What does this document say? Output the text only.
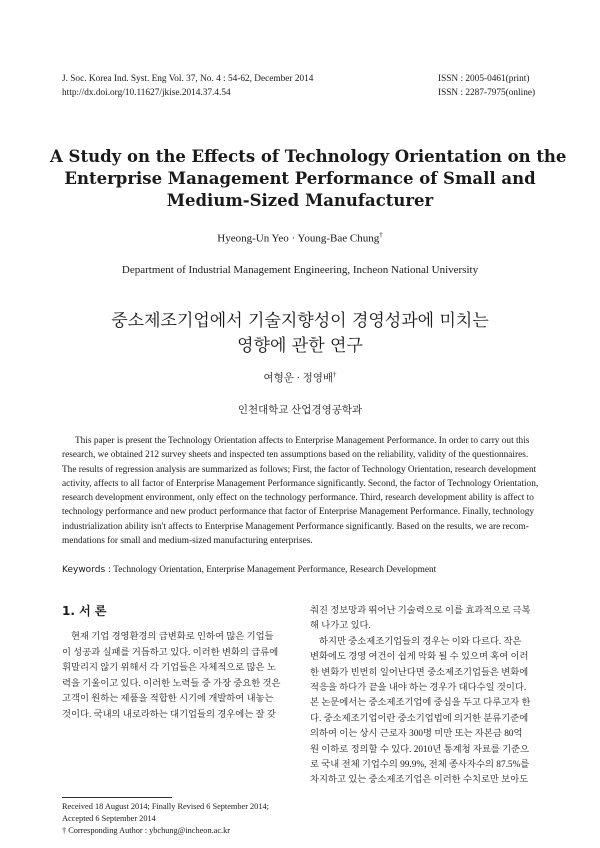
J. Soc. Korea Ind. Syst. Eng Vol. 37, No. 4 : 54-62, December 2014
http://dx.doi.org/10.11627/jkise.2014.37.4.54
ISSN : 2005-0461(print)
ISSN : 2287-7975(online)
A Study on the Effects of Technology Orientation on the
Enterprise Management Performance of Small and
Medium-Sized Manufacturer
Hyeong-Un Yeo · Young-Bae Chung†
Department of Industrial Management Engineering, Incheon National University
중소제조기업에서 기술지향성이 경영성과에 미치는
영향에 관한 연구
여형운 · 정영배†
인천대학교 산업경영공학과
This paper is present the Technology Orientation affects to Enterprise Management Performance. In order to carry out this
research, we obtained 212 survey sheets and inspected ten assumptions based on the reliability, validity of the questionnaires.
The results of regression analysis are summarized as follows; First, the factor of Technology Orientation, research development
activity, affects to all factor of Enterprise Management Performance significantly. Second, the factor of Technology Orientation,
research development environment, only effect on the technology performance. Third, research development ability is affect to
technology performance and new product performance that factor of Enterprise Management Performance. Finally, technology
industrialization ability isn't affects to Enterprise Management Performance significantly. Based on the results, we are recom-
mendations for small and medium-sized manufacturing enterprises.
Keywords : Technology Orientation, Enterprise Management Performance, Research Development
1. 서 론
현재 기업 경영환경의 급변화로 인하여 많은 기업들
이 성공과 실패를 거듭하고 있다. 이러한 변화의 급류에
휘말리지 않기 위해서 각 기업들은 자체적으로 많은 노
력을 기울이고 있다. 이러한 노력들 중 가장 중요한 것은
고객이 원하는 제품을 적합한 시기에 개발하여 내놓는
것이다. 국내의 내로라하는 대기업들의 경우에는 잘 갖
춰진 정보망과 뛰어난 기술력으로 이를 효과적으로 극복
해 나가고 있다.
하지만 중소제조기업들의 경우는 이와 다르다. 작은
변화에도 경영 여건이 쉽게 악화 될 수 있으며 혹여 이러
한 변화가 빈번히 일어난다면 중소제조기업들은 변화에
적응을 하다가 끝을 내야 하는 경우가 대다수일 것이다.
본 논문에서는 중소제조기업에 중심을 두고 다루고자 한
다. 중소제조기업이란 중소기업법에 의거한 분류기준에
의하여 이는 상시 근로자 300명 미만 또는 자본금 80억
원 이하로 정의할 수 있다. 2010년 통계청 자료를 기준으
로 국내 전체 기업수의 99.9%, 전체 종사자수의 87.5%를
차지하고 있는 중소제조기업은 이러한 수치로만 보아도
Received 18 August 2014; Finally Revised 6 September 2014;
Accepted 6 September 2014
† Corresponding Author : ybchung@incheon.ac.kr
